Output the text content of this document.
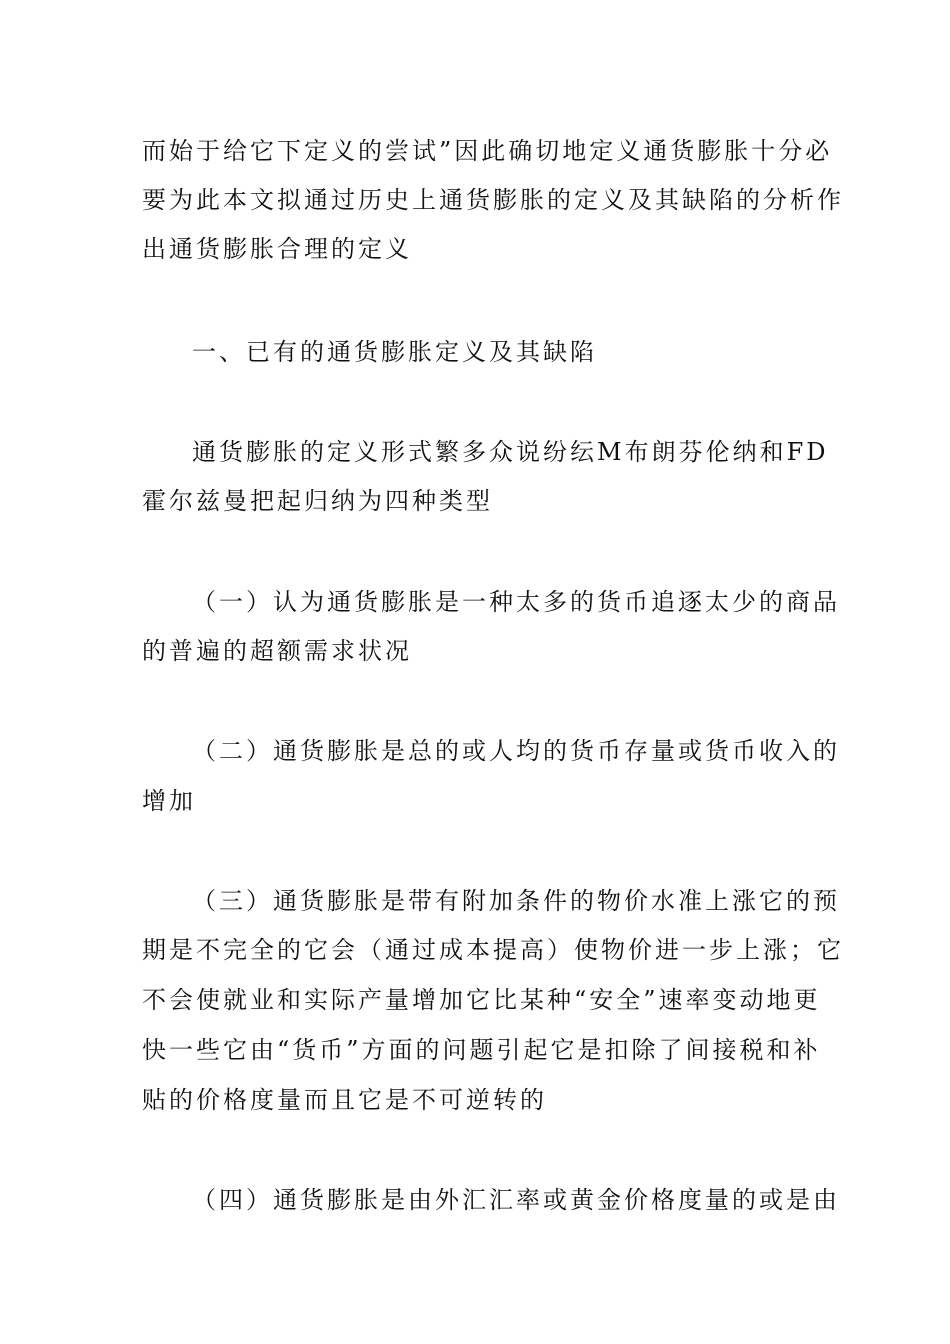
而始于给它下定义的尝试”因此确切地定义通货膨胀十分必
要为此本文拟通过历史上通货膨胀的定义及其缺陷的分析作
出通货膨胀合理的定义
一、已有的通货膨胀定义及其缺陷
通货膨胀的定义形式繁多众说纷纭M布朗芬伦纳和FD
霍尔兹曼把起归纳为四种类型
（一）认为通货膨胀是一种太多的货币追逐太少的商品
的普遍的超额需求状况
（二）通货膨胀是总的或人均的货币存量或货币收入的
增加
（三）通货膨胀是带有附加条件的物价水准上涨它的预
期是不完全的它会（通过成本提高）使物价进一步上涨；它
不会使就业和实际产量增加它比某种“安全”速率变动地更
快一些它由“货币”方面的问题引起它是扣除了间接税和补
贴的价格度量而且它是不可逆转的
（四）通货膨胀是由外汇汇率或黄金价格度量的或是由
